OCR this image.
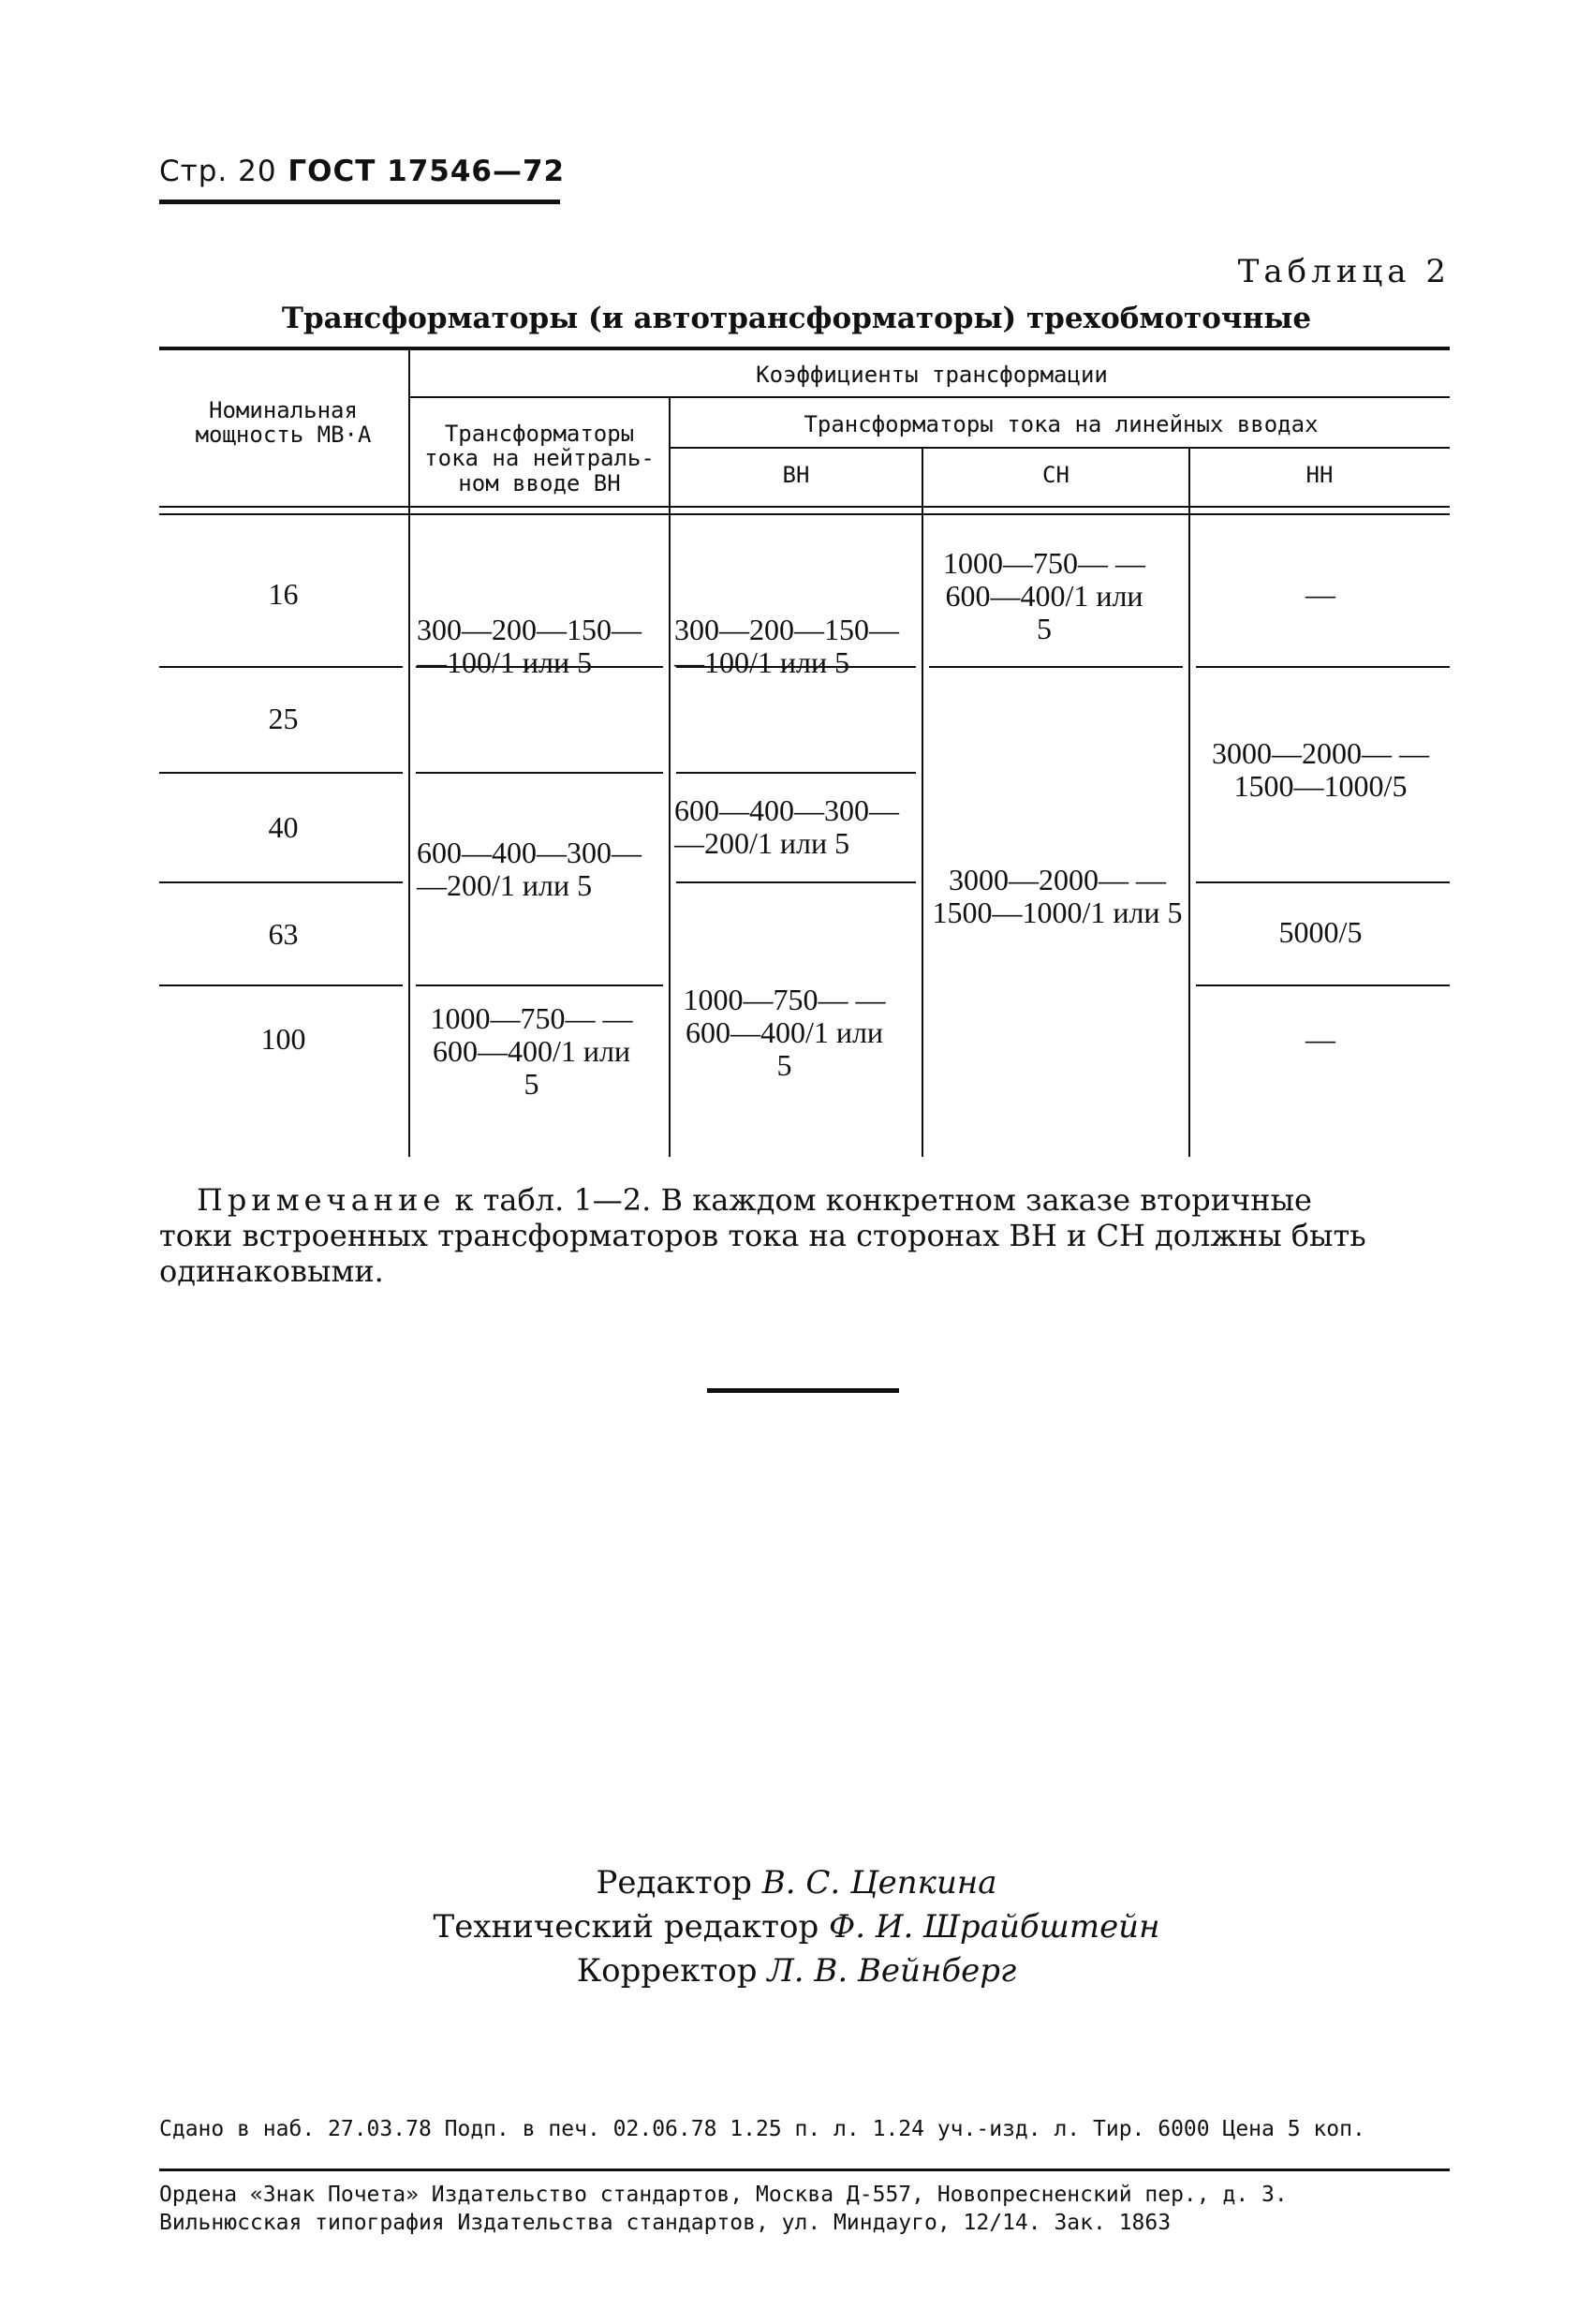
Стр. 20 ГОСТ 17546—72
Таблица 2
Трансформаторы (и автотрансформаторы) трехобмоточные
Номинальная мощность МВ·А
Коэффициенты трансформации
Трансформаторы тока на нейтраль- ном вводе ВН
Трансформаторы тока на линейных вводах
ВН	СН	НН
16
25
40
63
100
300—200—150— —100/1 или 5
600—400—300— —200/1 или 5
1000—750— —600—400/1 или 5
300—200—150— —100/1 или 5
600—400—300— —200/1 или 5
1000—750— —600—400/1 или 5
1000—750— —600—400/1 или 5
3000—2000— —1500—1000/1 или 5
—
3000—2000— —1500—1000/5
5000/5
—
Примечание к табл. 1—2. В каждом конкретном заказе вторичные
токи встроенных трансформаторов тока на сторонах ВН и СН должны быть одинаковыми.
Редактор В. С. Цепкина
Технический редактор Ф. И. Шрайбштейн
Корректор Л. В. Вейнберг
Сдано в наб. 27.03.78 Подп. в печ. 02.06.78 1.25 п. л. 1.24 уч.-изд. л. Тир. 6000 Цена 5 коп.
Ордена «Знак Почета» Издательство стандартов, Москва Д-557, Новопресненский пер., д. 3.
Вильнюсская типография Издательства стандартов, ул. Миндауго, 12/14. Зак. 1863
